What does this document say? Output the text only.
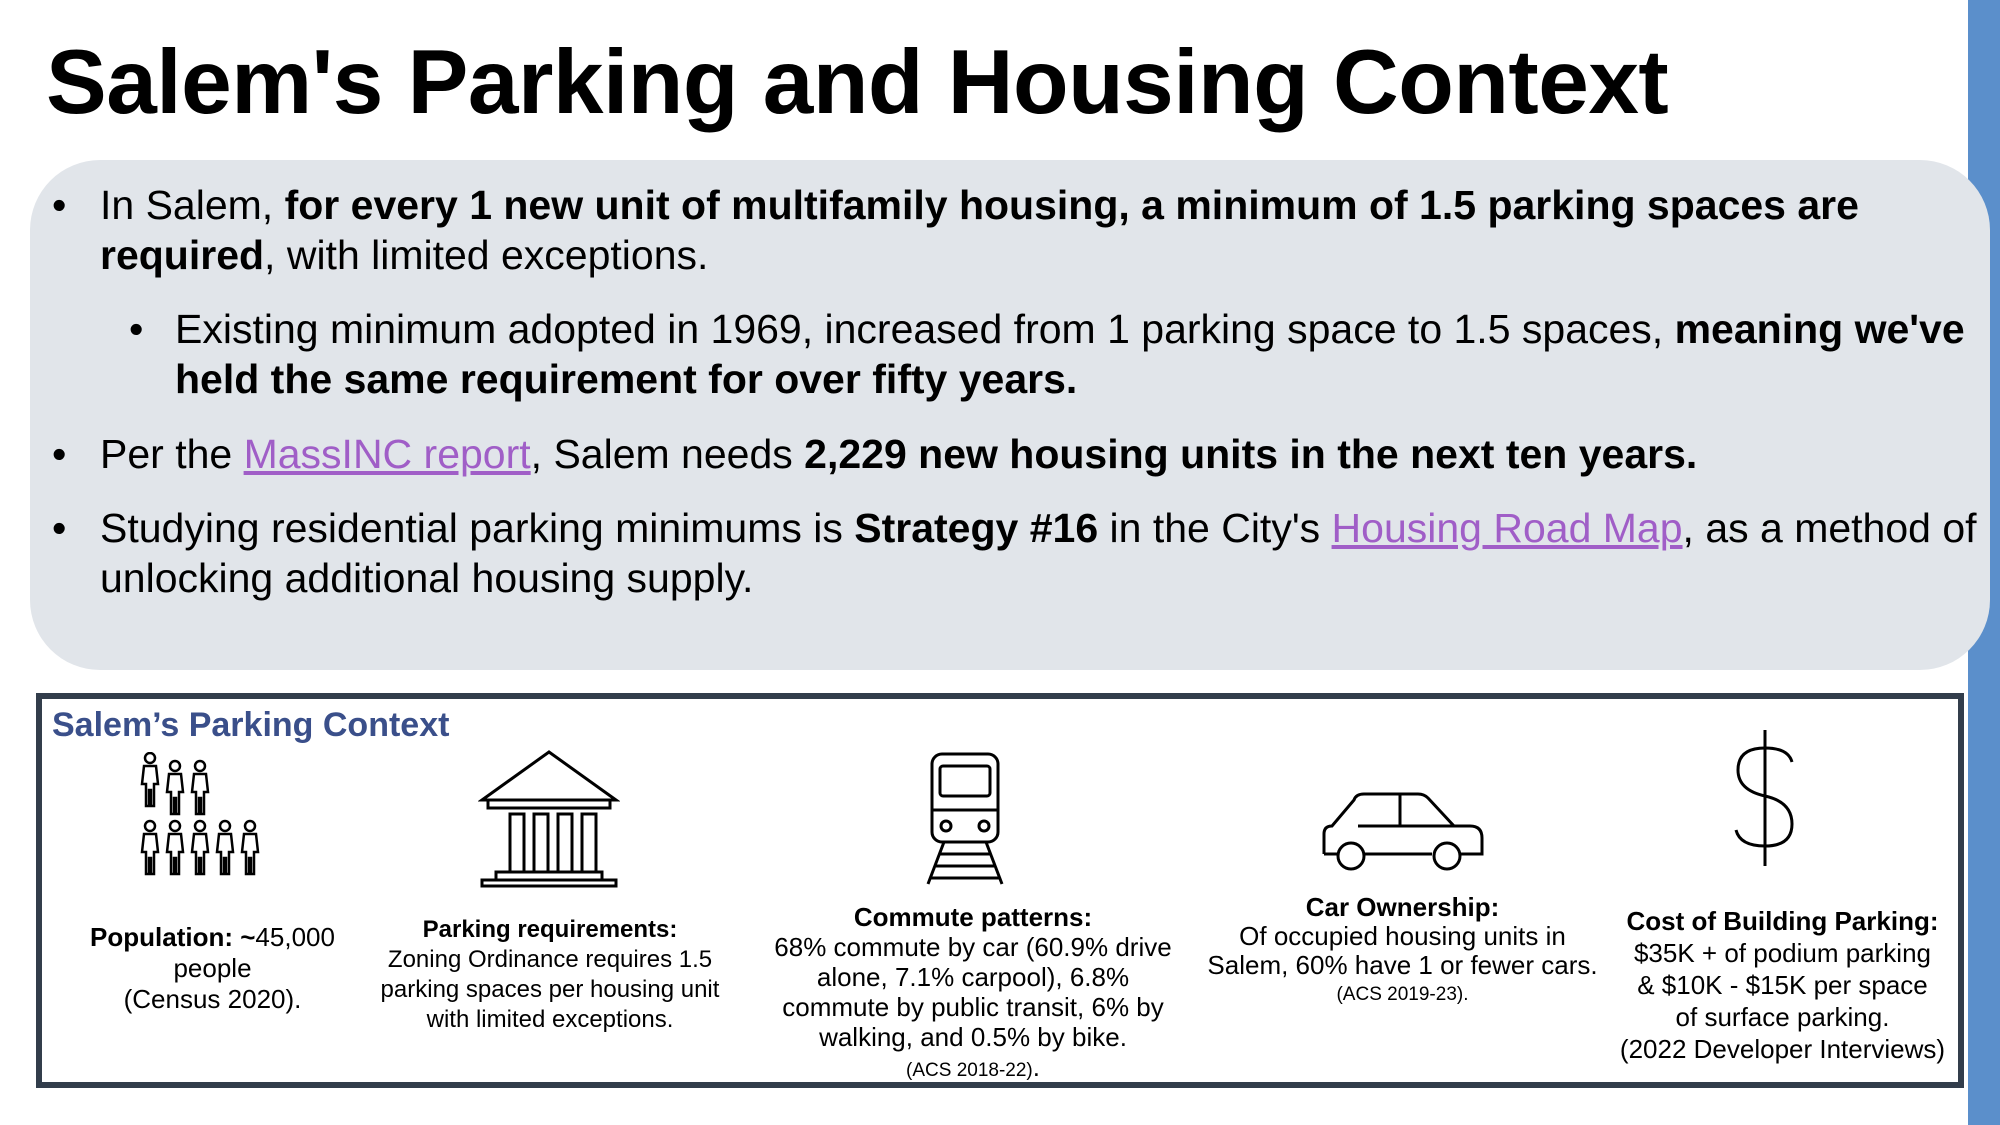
Salem's Parking and Housing Context

• In Salem, for every 1 new unit of multifamily housing, a minimum of 1.5 parking spaces are required, with limited exceptions.

• Existing minimum adopted in 1969, increased from 1 parking space to 1.5 spaces, meaning we've held the same requirement for over fifty years.

• Per the MassINC report, Salem needs 2,229 new housing units in the next ten years.

• Studying residential parking minimums is Strategy #16 in the City's Housing Road Map, as a method of unlocking additional housing supply.

Salem’s Parking Context
Population: ~45,000
people
(Census 2020).
Parking requirements:
Zoning Ordinance requires 1.5
parking spaces per housing unit
with limited exceptions.
Commute patterns:
68% commute by car (60.9% drive
alone, 7.1% carpool), 6.8%
commute by public transit, 6% by
walking, and 0.5% by bike.
(ACS 2018-22).
Car Ownership:
Of occupied housing units in
Salem, 60% have 1 or fewer cars.
(ACS 2019-23).
Cost of Building Parking:
$35K + of podium parking
& $10K - $15K per space
of surface parking.
(2022 Developer Interviews)
